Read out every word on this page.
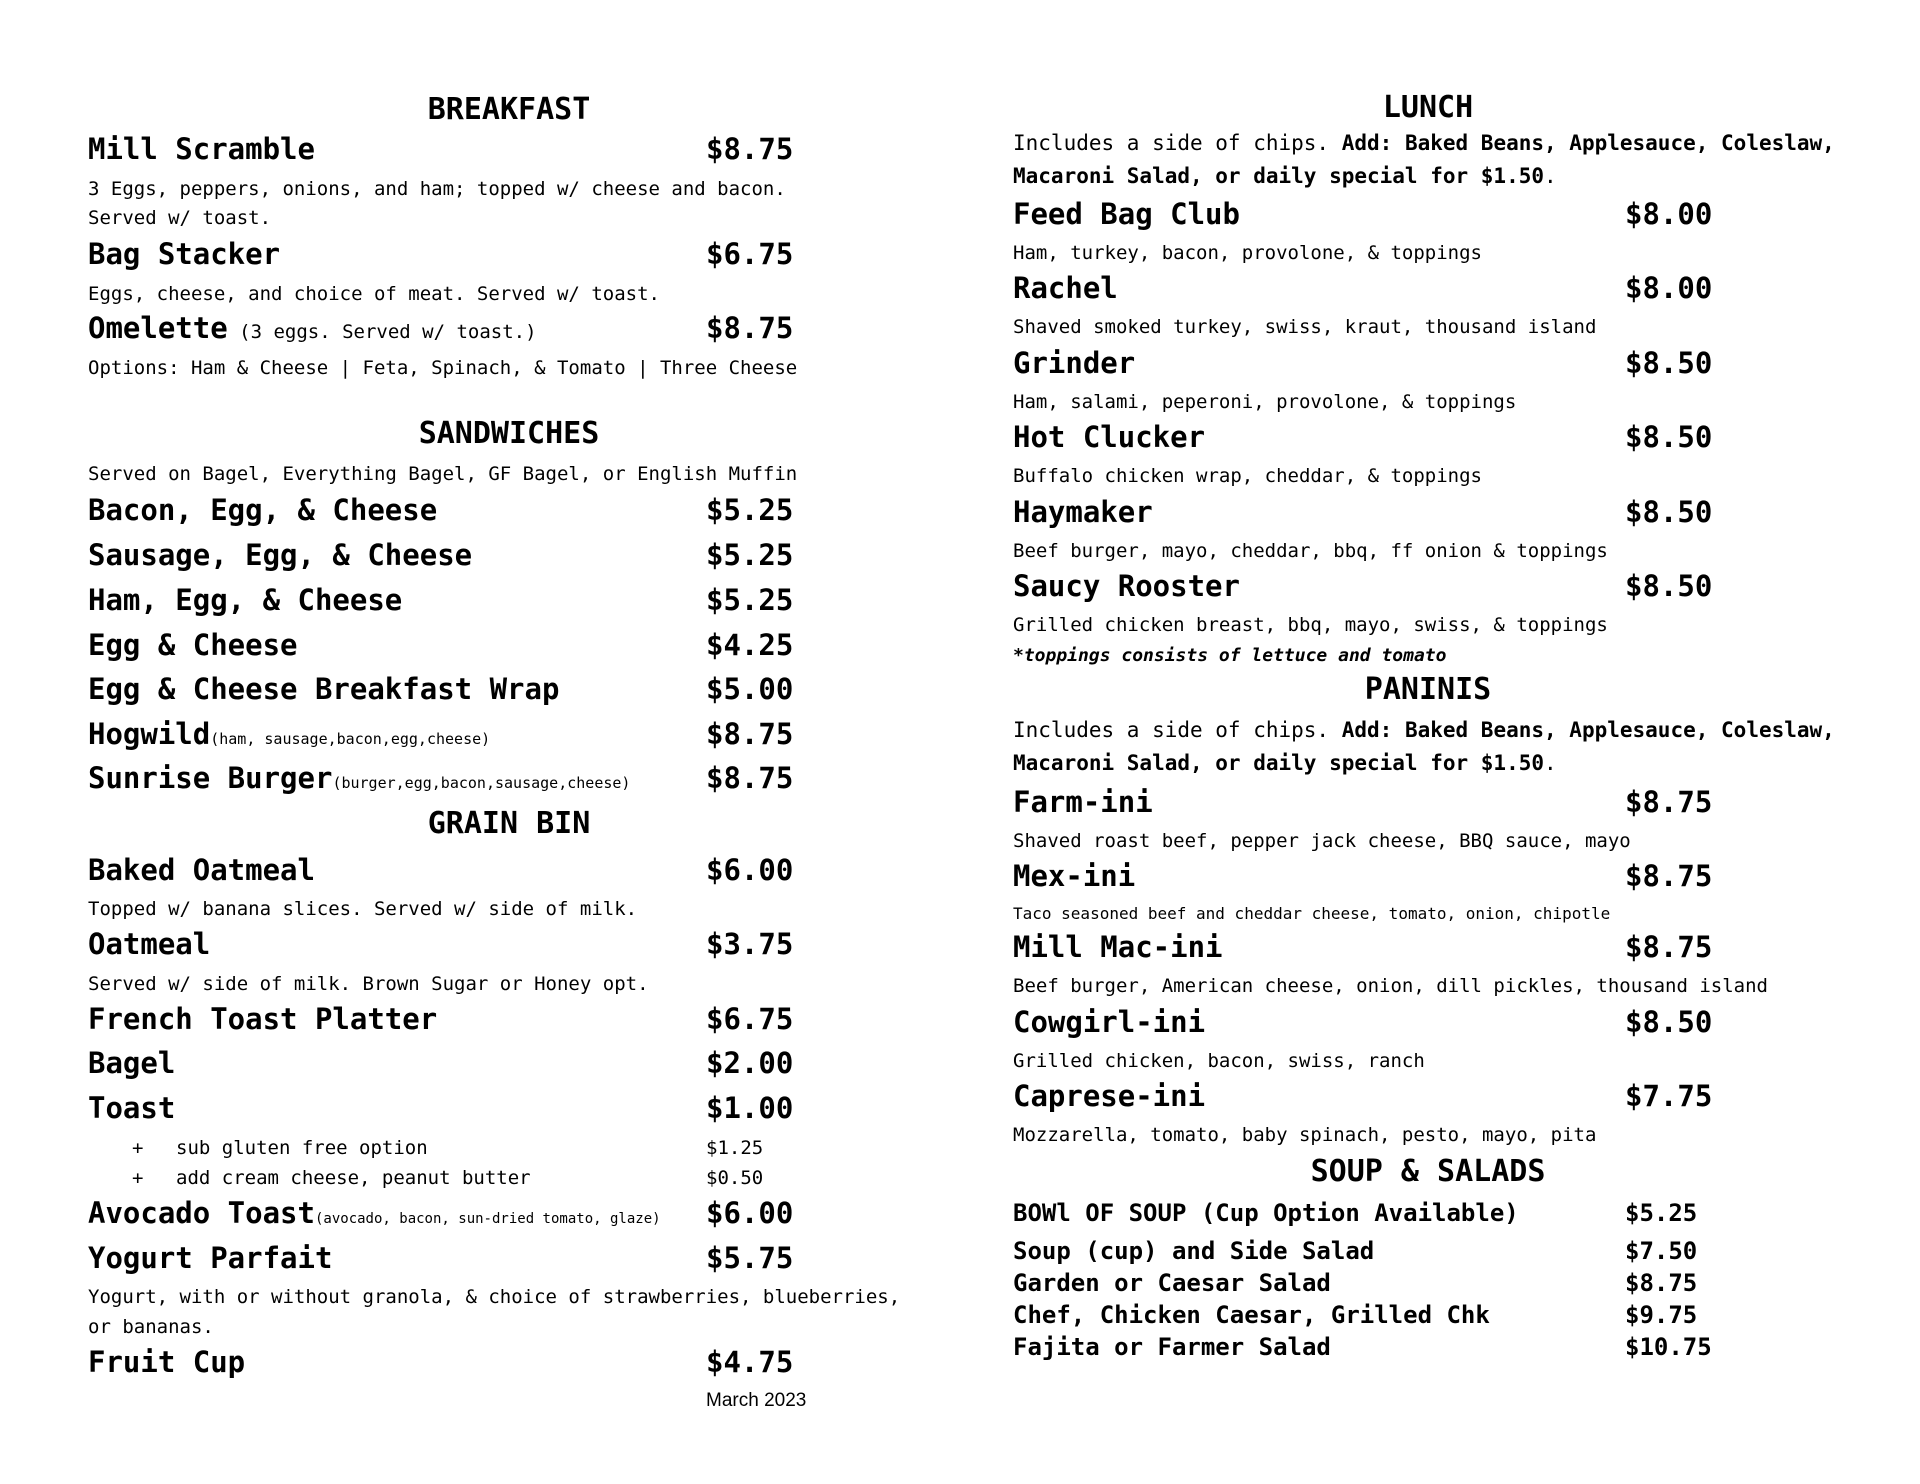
BREAKFAST
Mill Scramble	$8.75
3 Eggs, peppers, onions, and ham; topped w/ cheese and bacon.
Served w/ toast.
Bag Stacker	$6.75
Eggs, cheese, and choice of meat. Served w/ toast.
Omelette (3 eggs. Served w/ toast.)	$8.75
Options: Ham & Cheese | Feta, Spinach, & Tomato | Three Cheese
SANDWICHES
Served on Bagel, Everything Bagel, GF Bagel, or English Muffin
Bacon, Egg, & Cheese	$5.25
Sausage, Egg, & Cheese	$5.25
Ham, Egg, & Cheese	$5.25
Egg & Cheese	$4.25
Egg & Cheese Breakfast Wrap	$5.00
Hogwild(ham, sausage,bacon,egg,cheese)	$8.75
Sunrise Burger(burger,egg,bacon,sausage,cheese)	$8.75
GRAIN BIN
Baked Oatmeal	$6.00
Topped w/ banana slices. Served w/ side of milk.
Oatmeal	$3.75
Served w/ side of milk. Brown Sugar or Honey opt.
French Toast Platter	$6.75
Bagel	$2.00
Toast	$1.00
+ sub gluten free option	$1.25
+ add cream cheese, peanut butter	$0.50
Avocado Toast(avocado, bacon, sun-dried tomato, glaze) $6.00
Yogurt Parfait	$5.75
Yogurt, with or without granola, & choice of strawberries, blueberries,
or bananas.
Fruit Cup	$4.75
March 2023
LUNCH
Includes a side of chips. Add: Baked Beans, Applesauce, Coleslaw, Macaroni Salad, or daily special for $1.50.
Feed Bag Club	$8.00
Ham, turkey, bacon, provolone, & toppings
Rachel	$8.00
Shaved smoked turkey, swiss, kraut, thousand island
Grinder	$8.50
Ham, salami, peperoni, provolone, & toppings
Hot Clucker	$8.50
Buffalo chicken wrap, cheddar, & toppings
Haymaker	$8.50
Beef burger, mayo, cheddar, bbq, ff onion & toppings
Saucy Rooster	$8.50
Grilled chicken breast, bbq, mayo, swiss, & toppings
*toppings consists of lettuce and tomato
PANINIS
Includes a side of chips. Add: Baked Beans, Applesauce, Coleslaw, Macaroni Salad, or daily special for $1.50.
Farm-ini	$8.75
Shaved roast beef, pepper jack cheese, BBQ sauce, mayo
Mex-ini	$8.75
Taco seasoned beef and cheddar cheese, tomato, onion, chipotle
Mill Mac-ini	$8.75
Beef burger, American cheese, onion, dill pickles, thousand island
Cowgirl-ini	$8.50
Grilled chicken, bacon, swiss, ranch
Caprese-ini	$7.75
Mozzarella, tomato, baby spinach, pesto, mayo, pita
SOUP & SALADS
BOWl OF SOUP (Cup Option Available)	$5.25
Soup (cup) and Side Salad	$7.50
Garden or Caesar Salad	$8.75
Chef, Chicken Caesar, Grilled Chk	$9.75
Fajita or Farmer Salad	$10.75
